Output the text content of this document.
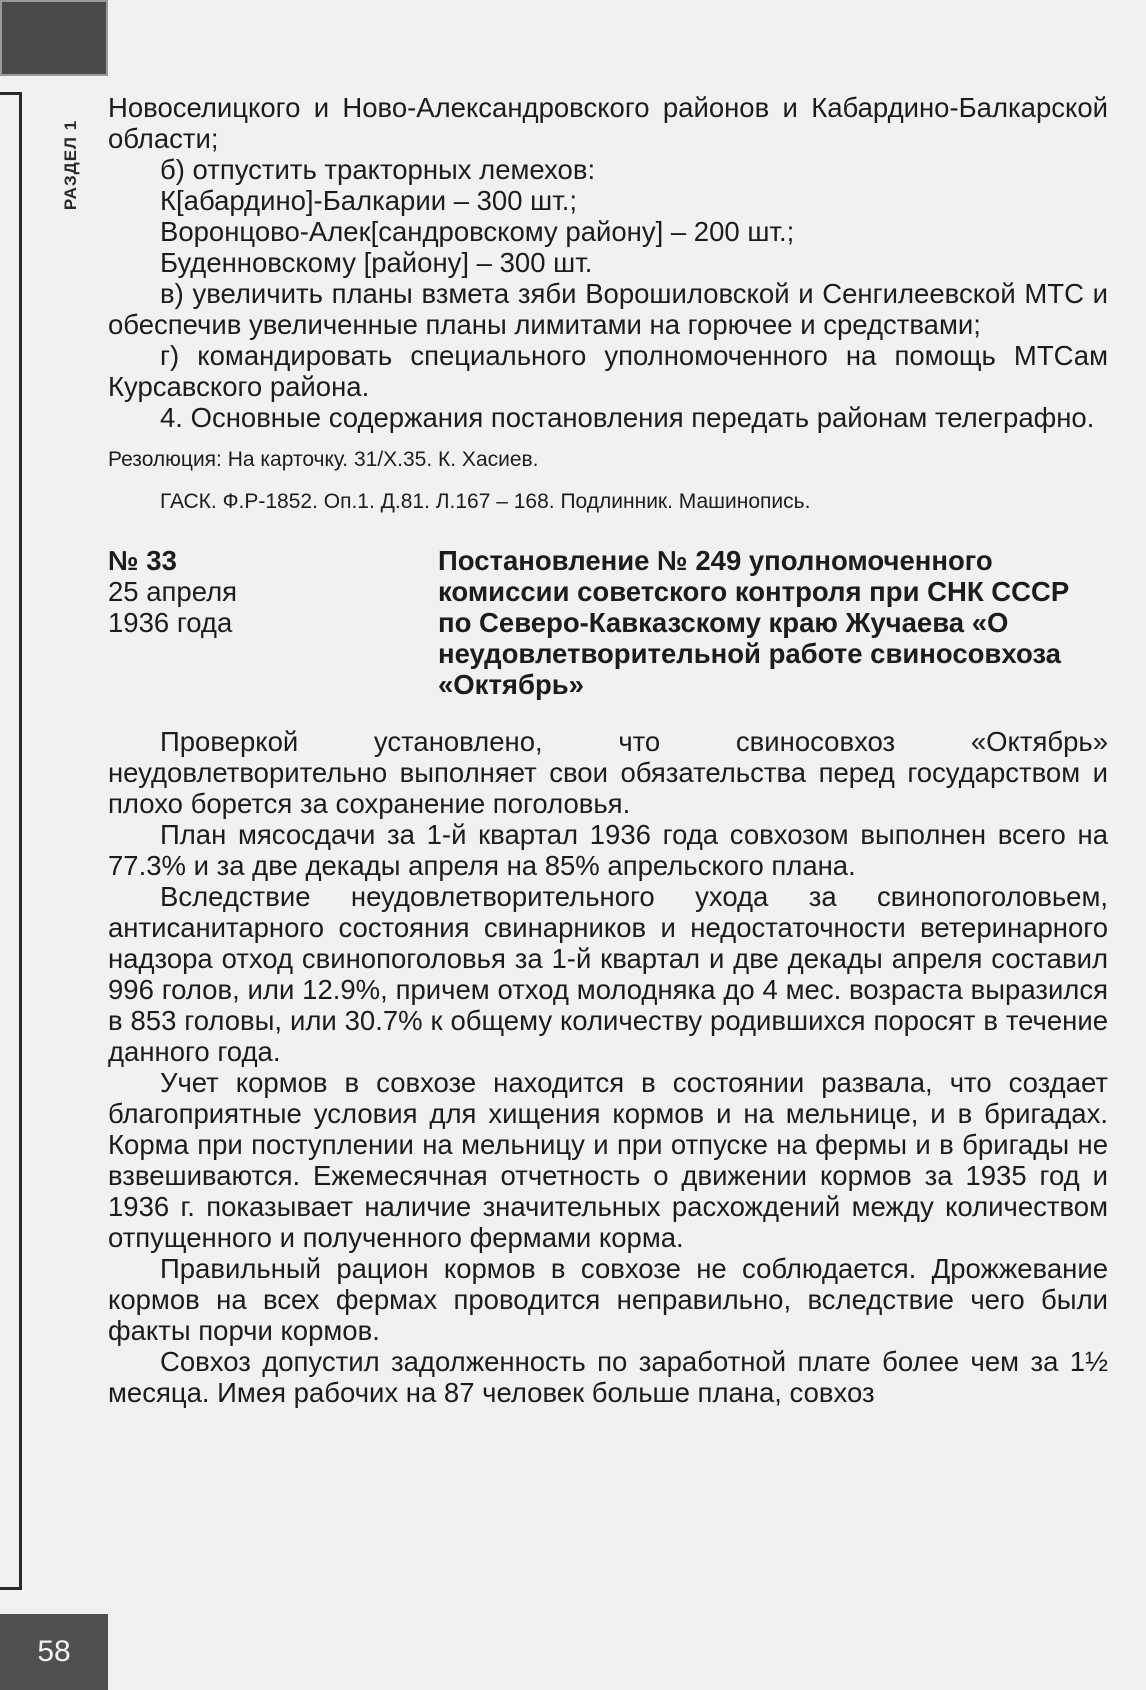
РАЗДЕЛ 1

Новоселицкого и Ново-Александровского районов и Кабардино-Балкарской области;

б) отпустить тракторных лемехов:

К[абардино]-Балкарии – 300 шт.;

Воронцово-Алек[сандровскому району] – 200 шт.;

Буденновскому [району] – 300 шт.

в) увеличить планы взмета зяби Ворошиловской и Сенгилеевской МТС и обеспечив увеличенные планы лимитами на горючее и средствами;

г) командировать специального уполномоченного на помощь МТСам Курсавского района.

4. Основные содержания постановления передать районам телеграфно.

Резолюция: На карточку. 31/X.35. К. Хасиев.

ГАСК. Ф.Р-1852. Оп.1. Д.81. Л.167 – 168. Подлинник. Машинопись.

№ 33
25 апреля
1936 года
Постановление № 249 уполномоченного комиссии советского контроля при СНК СССР по Северо-Кавказскому краю Жучаева «О неудовлетворительной работе свиносовхоза «Октябрь»

Проверкой установлено, что свиносовхоз «Октябрь» неудовлетворительно выполняет свои обязательства перед государством и плохо борется за сохранение поголовья.

План мясосдачи за 1-й квартал 1936 года совхозом выполнен всего на 77.3% и за две декады апреля на 85% апрельского плана.

Вследствие неудовлетворительного ухода за свинопоголовьем, антисанитарного состояния свинарников и недостаточности ветеринарного надзора отход свинопоголовья за 1-й квартал и две декады апреля составил 996 голов, или 12.9%, причем отход молодняка до 4 мес. возраста выразился в 853 головы, или 30.7% к общему количеству родившихся поросят в течение данного года.

Учет кормов в совхозе находится в состоянии развала, что создает благоприятные условия для хищения кормов и на мельнице, и в бригадах. Корма при поступлении на мельницу и при отпуске на фермы и в бригады не взвешиваются. Ежемесячная отчетность о движении кормов за 1935 год и 1936 г. показывает наличие значительных расхождений между количеством отпущенного и полученного фермами корма.

Правильный рацион кормов в совхозе не соблюдается. Дрожжевание кормов на всех фермах проводится неправильно, вследствие чего были факты порчи кормов.

Совхоз допустил задолженность по заработной плате более чем за 1½ месяца. Имея рабочих на 87 человек больше плана, совхоз

58
